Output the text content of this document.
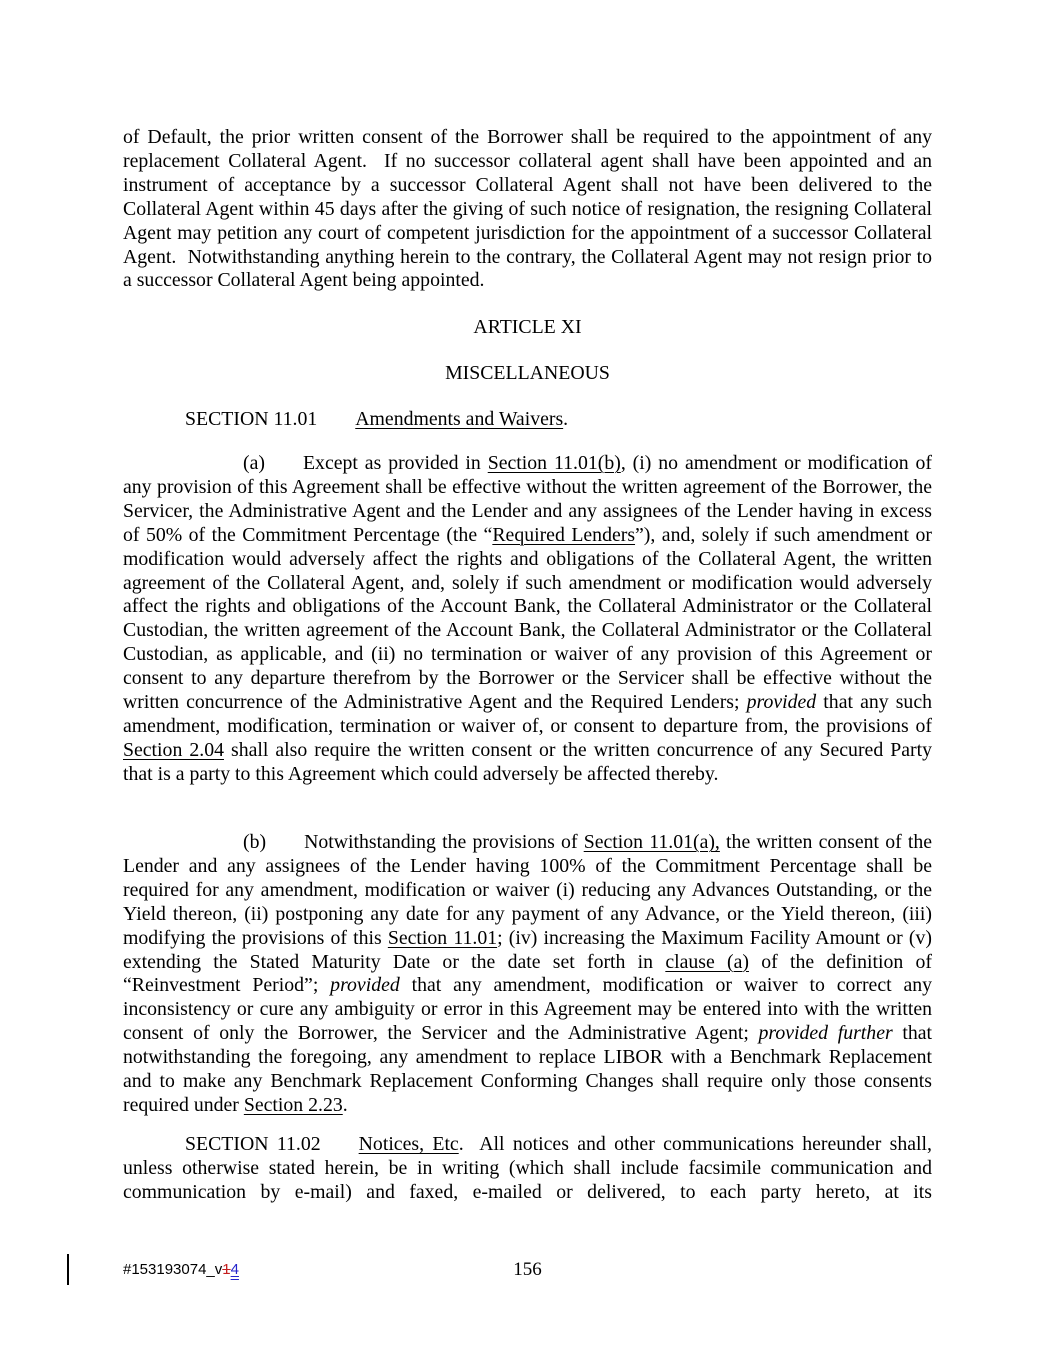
of Default, the prior written consent of the Borrower shall be required to the appointment of any replacement Collateral Agent.  If no successor collateral agent shall have been appointed and an instrument of acceptance by a successor Collateral Agent shall not have been delivered to the Collateral Agent within 45 days after the giving of such notice of resignation, the resigning Collateral Agent may petition any court of competent jurisdiction for the appointment of a successor Collateral Agent.  Notwithstanding anything herein to the contrary, the Collateral Agent may not resign prior to a successor Collateral Agent being appointed.

ARTICLE XI
MISCELLANEOUS

SECTION 11.01 Amendments and Waivers.

(a) Except as provided in Section 11.01(b), (i) no amendment or modification of any provision of this Agreement shall be effective without the written agreement of the Borrower, the Servicer, the Administrative Agent and the Lender and any assignees of the Lender having in excess of 50% of the Commitment Percentage (the “Required Lenders”), and, solely if such amendment or modification would adversely affect the rights and obligations of the Collateral Agent, the written agreement of the Collateral Agent, and, solely if such amendment or modification would adversely affect the rights and obligations of the Account Bank, the Collateral Administrator or the Collateral Custodian, the written agreement of the Account Bank, the Collateral Administrator or the Collateral Custodian, as applicable, and (ii) no termination or waiver of any provision of this Agreement or consent to any departure therefrom by the Borrower or the Servicer shall be effective without the written concurrence of the Administrative Agent and the Required Lenders; provided that any such amendment, modification, termination or waiver of, or consent to departure from, the provisions of Section 2.04 shall also require the written consent or the written concurrence of any Secured Party that is a party to this Agreement which could adversely be affected thereby.

(b) Notwithstanding the provisions of Section 11.01(a), the written consent of the Lender and any assignees of the Lender having 100% of the Commitment Percentage shall be required for any amendment, modification or waiver (i) reducing any Advances Outstanding, or the Yield thereon, (ii) postponing any date for any payment of any Advance, or the Yield thereon, (iii) modifying the provisions of this Section 11.01; (iv) increasing the Maximum Facility Amount or (v) extending the Stated Maturity Date or the date set forth in clause (a) of the definition of “Reinvestment Period”; provided that any amendment, modification or waiver to correct any inconsistency or cure any ambiguity or error in this Agreement may be entered into with the written consent of only the Borrower, the Servicer and the Administrative Agent; provided further that notwithstanding the foregoing, any amendment to replace LIBOR with a Benchmark Replacement and to make any Benchmark Replacement Conforming Changes shall require only those consents required under Section 2.23.

SECTION 11.02 Notices, Etc.  All notices and other communications hereunder shall, unless otherwise stated herein, be in writing (which shall include facsimile communication and communication by e-mail) and faxed, e-mailed or delivered, to each party hereto, at its

#153193074_v14	156
